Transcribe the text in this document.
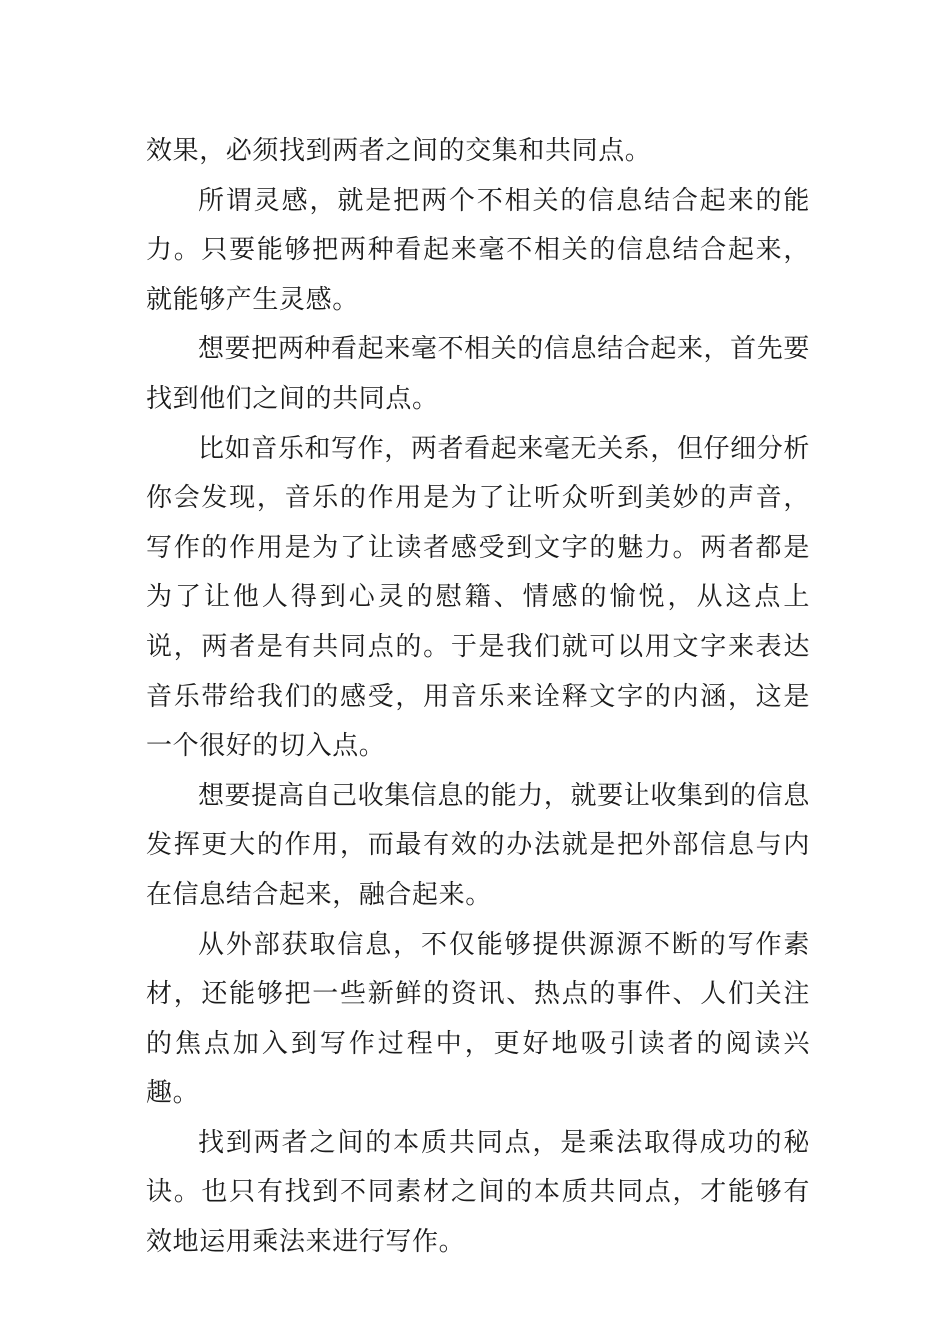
效果，必须找到两者之间的交集和共同点。

所谓灵感，就是把两个不相关的信息结合起来的能力。只要能够把两种看起来毫不相关的信息结合起来，就能够产生灵感。

想要把两种看起来毫不相关的信息结合起来，首先要找到他们之间的共同点。

比如音乐和写作，两者看起来毫无关系，但仔细分析你会发现，音乐的作用是为了让听众听到美妙的声音，写作的作用是为了让读者感受到文字的魅力。两者都是为了让他人得到心灵的慰籍、情感的愉悦，从这点上说，两者是有共同点的。于是我们就可以用文字来表达音乐带给我们的感受，用音乐来诠释文字的内涵，这是一个很好的切入点。

想要提高自己收集信息的能力，就要让收集到的信息发挥更大的作用，而最有效的办法就是把外部信息与内在信息结合起来，融合起来。

从外部获取信息，不仅能够提供源源不断的写作素材，还能够把一些新鲜的资讯、热点的事件、人们关注的焦点加入到写作过程中，更好地吸引读者的阅读兴趣。

找到两者之间的本质共同点，是乘法取得成功的秘诀。也只有找到不同素材之间的本质共同点，才能够有效地运用乘法来进行写作。
